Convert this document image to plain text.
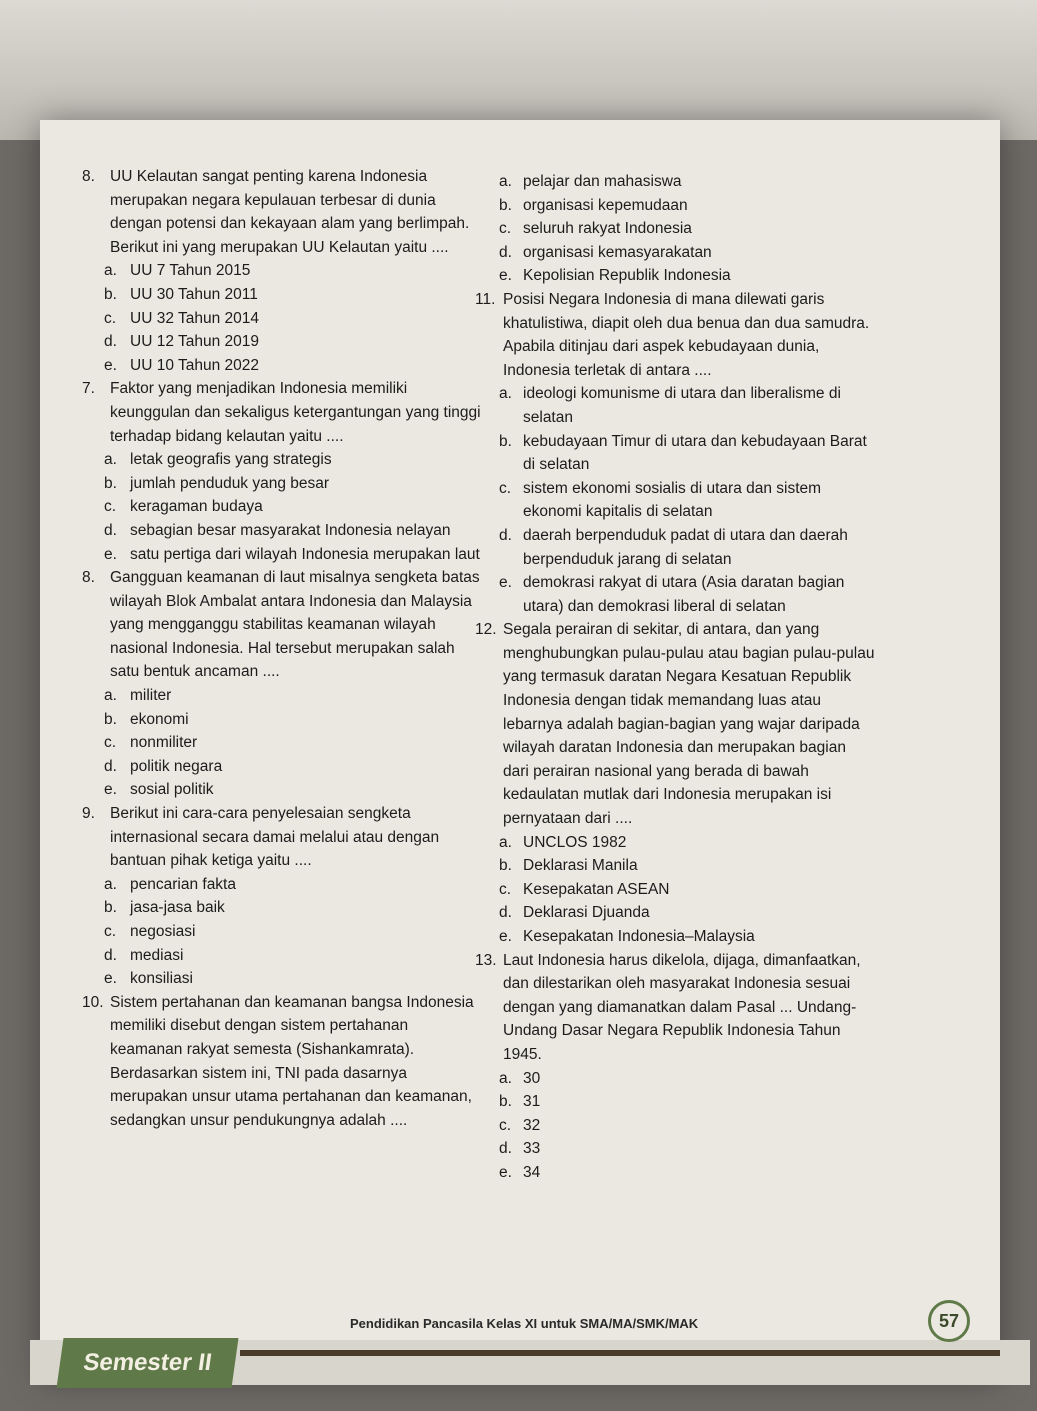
8. UU Kelautan sangat penting karena Indonesia merupakan negara kepulauan terbesar di dunia dengan potensi dan kekayaan alam yang berlimpah. Berikut ini yang merupakan UU Kelautan yaitu ....
a. UU 7 Tahun 2015
b. UU 30 Tahun 2011
c. UU 32 Tahun 2014
d. UU 12 Tahun 2019
e. UU 10 Tahun 2022
7. Faktor yang menjadikan Indonesia memiliki keunggulan dan sekaligus ketergantungan yang tinggi terhadap bidang kelautan yaitu ....
a. letak geografis yang strategis
b. jumlah penduduk yang besar
c. keragaman budaya
d. sebagian besar masyarakat Indonesia nelayan
e. satu pertiga dari wilayah Indonesia merupakan laut
8. Gangguan keamanan di laut misalnya sengketa batas wilayah Blok Ambalat antara Indonesia dan Malaysia yang mengganggu stabilitas keamanan wilayah nasional Indonesia. Hal tersebut merupakan salah satu bentuk ancaman ....
a. militer
b. ekonomi
c. nonmiliter
d. politik negara
e. sosial politik
9. Berikut ini cara-cara penyelesaian sengketa internasional secara damai melalui atau dengan bantuan pihak ketiga yaitu ....
a. pencarian fakta
b. jasa-jasa baik
c. negosiasi
d. mediasi
e. konsiliasi
10. Sistem pertahanan dan keamanan bangsa Indonesia memiliki disebut dengan sistem pertahanan keamanan rakyat semesta (Sishankamrata). Berdasarkan sistem ini, TNI pada dasarnya merupakan unsur utama pertahanan dan keamanan, sedangkan unsur pendukungnya adalah ....
a. pelajar dan mahasiswa
b. organisasi kepemudaan
c. seluruh rakyat Indonesia
d. organisasi kemasyarakatan
e. Kepolisian Republik Indonesia
11. Posisi Negara Indonesia di mana dilewati garis khatulistiwa, diapit oleh dua benua dan dua samudra. Apabila ditinjau dari aspek kebudayaan dunia, Indonesia terletak di antara ....
a. ideologi komunisme di utara dan liberalisme di selatan
b. kebudayaan Timur di utara dan kebudayaan Barat di selatan
c. sistem ekonomi sosialis di utara dan sistem ekonomi kapitalis di selatan
d. daerah berpenduduk padat di utara dan daerah berpenduduk jarang di selatan
e. demokrasi rakyat di utara (Asia daratan bagian utara) dan demokrasi liberal di selatan
12. Segala perairan di sekitar, di antara, dan yang menghubungkan pulau-pulau atau bagian pulau-pulau yang termasuk daratan Negara Kesatuan Republik Indonesia dengan tidak memandang luas atau lebarnya adalah bagian-bagian yang wajar daripada wilayah daratan Indonesia dan merupakan bagian dari perairan nasional yang berada di bawah kedaulatan mutlak dari Indonesia merupakan isi pernyataan dari ....
a. UNCLOS 1982
b. Deklarasi Manila
c. Kesepakatan ASEAN
d. Deklarasi Djuanda
e. Kesepakatan Indonesia–Malaysia
13. Laut Indonesia harus dikelola, dijaga, dimanfaatkan, dan dilestarikan oleh masyarakat Indonesia sesuai dengan yang diamanatkan dalam Pasal ... Undang-Undang Dasar Negara Republik Indonesia Tahun 1945.
a. 30
b. 31
c. 32
d. 33
e. 34
Semester II
Pendidikan Pancasila Kelas XI untuk SMA/MA/SMK/MAK	57
